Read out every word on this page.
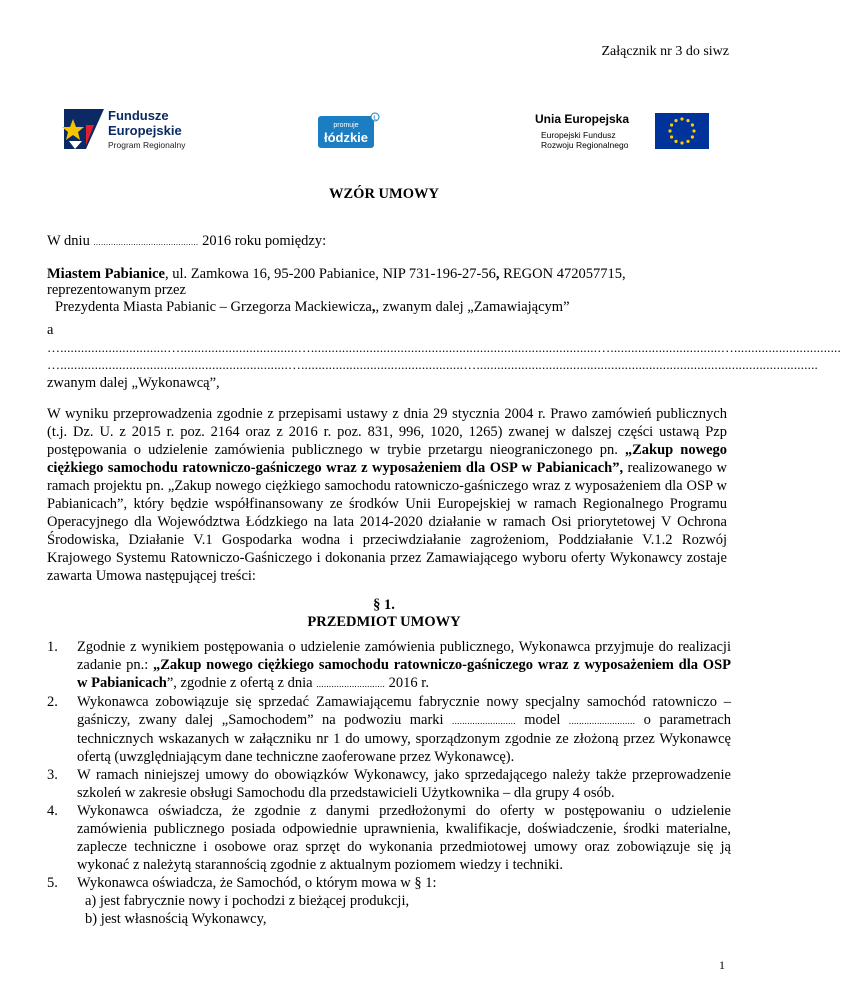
Załącznik nr 3 do siwz
Fundusze
Europejskie
Program Regionalny
Ł
promuje
łódzkie
Unia Europejska
Europejski Fundusz
Rozwoju Regionalnego
WZÓR UMOWY
W dniu .......................................... 2016 roku pomiędzy:
Miastem Pabianice, ul. Zamkowa 16, 95-200 Pabianice, NIP 731-196-27-56, REGON 472057715,
reprezentowanym przez
Prezydenta Miasta Pabianic – Grzegorza Mackiewicza,, zwanym dalej „Zamawiającym”
a
…...............................…..................................…...................................................................................…................................…...............................
…..................................................................…...............................................…...................................................................................................
zwanym dalej „Wykonawcą”,
W wyniku przeprowadzenia zgodnie z przepisami ustawy z dnia 29 stycznia 2004 r. Prawo zamówień publicznych (t.j. Dz. U. z 2015 r. poz. 2164 oraz z 2016 r. poz. 831, 996, 1020, 1265) zwanej w dalszej części ustawą Pzp postępowania o udzielenie zamówienia publicznego w trybie przetargu nieograniczonego pn. „Zakup nowego ciężkiego samochodu ratowniczo-gaśniczego wraz z wyposażeniem dla OSP w Pabianicach”, realizowanego w ramach projektu pn. „Zakup nowego ciężkiego samochodu ratowniczo-gaśniczego wraz z wyposażeniem dla OSP w Pabianicach”, który będzie współfinansowany ze środków Unii Europejskiej w ramach Regionalnego Programu Operacyjnego dla Województwa Łódzkiego na lata 2014-2020 działanie w ramach Osi priorytetowej V Ochrona Środowiska, Działanie V.1 Gospodarka wodna i przeciwdziałanie zagrożeniom, Poddziałanie V.1.2 Rozwój Krajowego Systemu Ratowniczo-Gaśniczego i dokonania przez Zamawiającego wyboru oferty Wykonawcy zostaje zawarta Umowa następującej treści:
§ 1.
PRZEDMIOT UMOWY
1. Zgodnie z wynikiem postępowania o udzielenie zamówienia publicznego, Wykonawca przyjmuje do realizacji zadanie pn.: „Zakup nowego ciężkiego samochodu ratowniczo-gaśniczego wraz z wyposażeniem dla OSP w Pabianicach”, zgodnie z ofertą z dnia ........................... 2016 r.
2. Wykonawca zobowiązuje się sprzedać Zamawiającemu fabrycznie nowy specjalny samochód ratowniczo – gaśniczy, zwany dalej „Samochodem” na podwoziu marki ......................... model .......................... o parametrach technicznych wskazanych w załączniku nr 1 do umowy, sporządzonym zgodnie ze złożoną przez Wykonawcę ofertą (uwzględniającym dane techniczne zaoferowane przez Wykonawcę).
3. W ramach niniejszej umowy do obowiązków Wykonawcy, jako sprzedającego należy także przeprowadzenie szkoleń w zakresie obsługi Samochodu dla przedstawicieli Użytkownika – dla grupy 4 osób.
4. Wykonawca oświadcza, że zgodnie z danymi przedłożonymi do oferty w postępowaniu o udzielenie zamówienia publicznego posiada odpowiednie uprawnienia, kwalifikacje, doświadczenie, środki materialne, zaplecze techniczne i osobowe oraz sprzęt do wykonania przedmiotowej umowy oraz zobowiązuje się ją wykonać z należytą starannością zgodnie z aktualnym poziomem wiedzy i techniki.
5. Wykonawca oświadcza, że Samochód, o którym mowa w § 1:
a) jest fabrycznie nowy i pochodzi z bieżącej produkcji,
b) jest własnością Wykonawcy,
1
